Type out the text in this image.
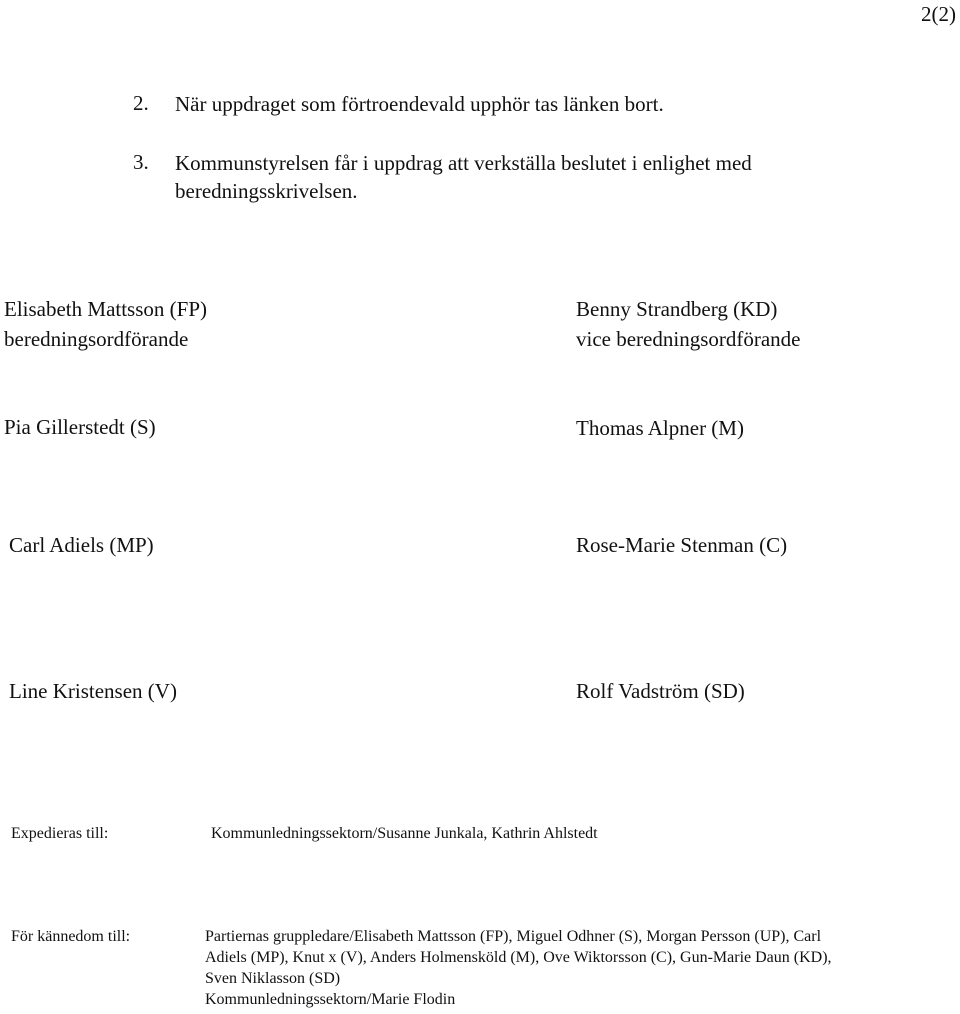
2(2)
2. När uppdraget som förtroendevald upphör tas länken bort.
3. Kommunstyrelsen får i uppdrag att verkställa beslutet i enlighet med
beredningsskrivelsen.
Elisabeth Mattsson (FP)
beredningsordförande
Pia Gillerstedt (S)
Carl Adiels (MP)
Line Kristensen (V)
Benny Strandberg (KD)
vice beredningsordförande
Thomas Alpner (M)
Rose-Marie Stenman (C)
Rolf Vadström (SD)
Expedieras till:	Kommunledningssektorn/Susanne Junkala, Kathrin Ahlstedt
För kännedom till:	Partiernas gruppledare/Elisabeth Mattsson (FP), Miguel Odhner (S), Morgan Persson (UP), Carl
Adiels (MP), Knut x (V), Anders Holmensköld (M), Ove Wiktorsson (C), Gun-Marie Daun (KD),
Sven Niklasson (SD)
Kommunledningssektorn/Marie Flodin
